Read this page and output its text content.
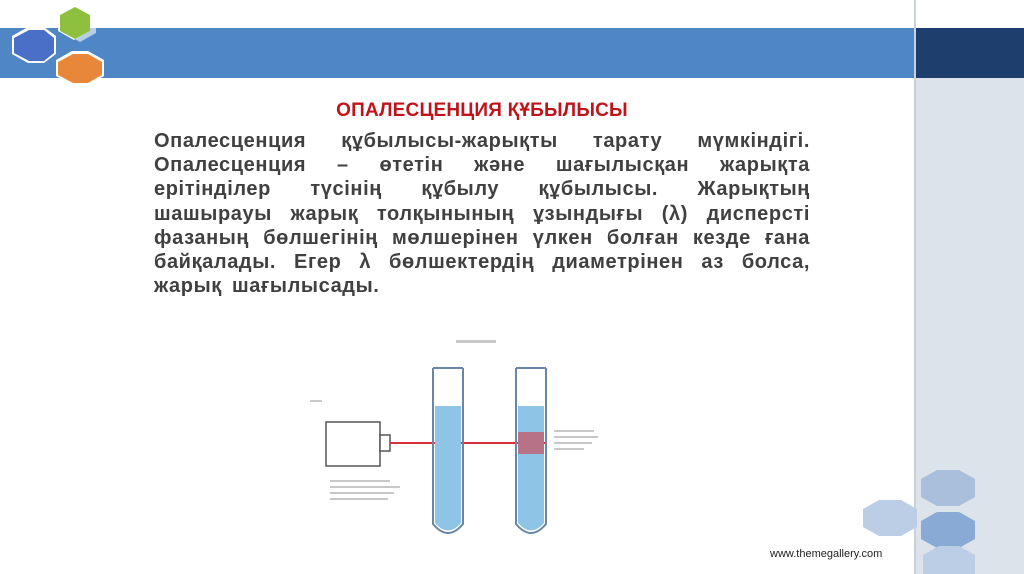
ОПАЛЕСЦЕНЦИЯ ҚҰБЫЛЫСЫ
Опалесценция құбылысы-жарықты тарату мүмкіндігі. Опалесценция – өтетін және шағылысқан жарықта ерітінділер түсінің құбылу құбылысы. Жарықтың шашырауы жарық толқынының ұзындығы (λ) дисперсті фазаның бөлшегінің мөлшерінен үлкен болған кезде ғана байқалады. Егер λ бөлшектердің диаметрінен аз болса, жарық шағылысады.
www.themegallery.com
